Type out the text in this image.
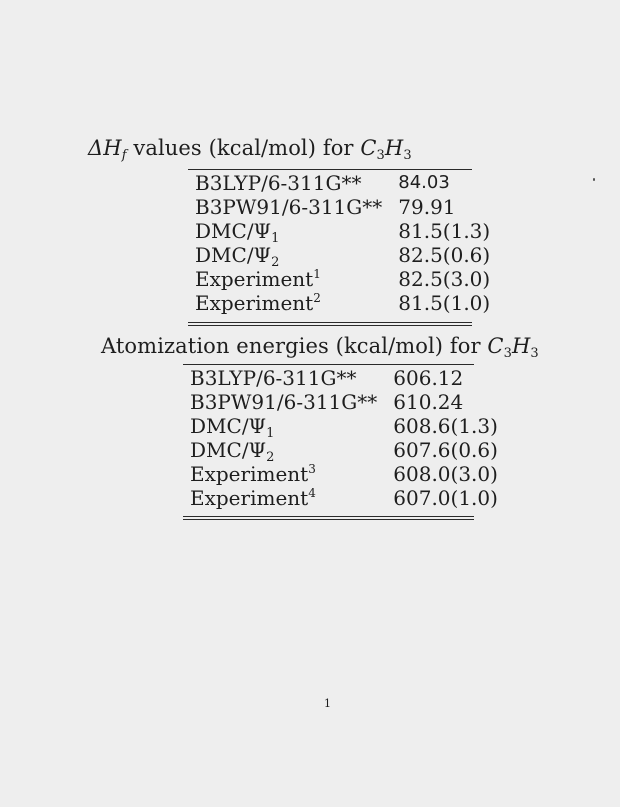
$\Delta H_f$ values (kcal/mol) for $C_3H_3$
B3LYP/6-311G**	84.03
B3PW91/6-311G**	79.91
DMC/$\Psi_1$	81.5(1.3)
DMC/$\Psi_2$	82.5(0.6)
Experiment$^1$	82.5(3.0)
Experiment$^2$	81.5(1.0)
Atomization energies (kcal/mol) for $C_3H_3$
B3LYP/6-311G**	606.12
B3PW91/6-311G**	610.24
DMC/$\Psi_1$	608.6(1.3)
DMC/$\Psi_2$	607.6(0.6)
Experiment$^3$	608.0(3.0)
Experiment$^4$	607.0(1.0)
1
